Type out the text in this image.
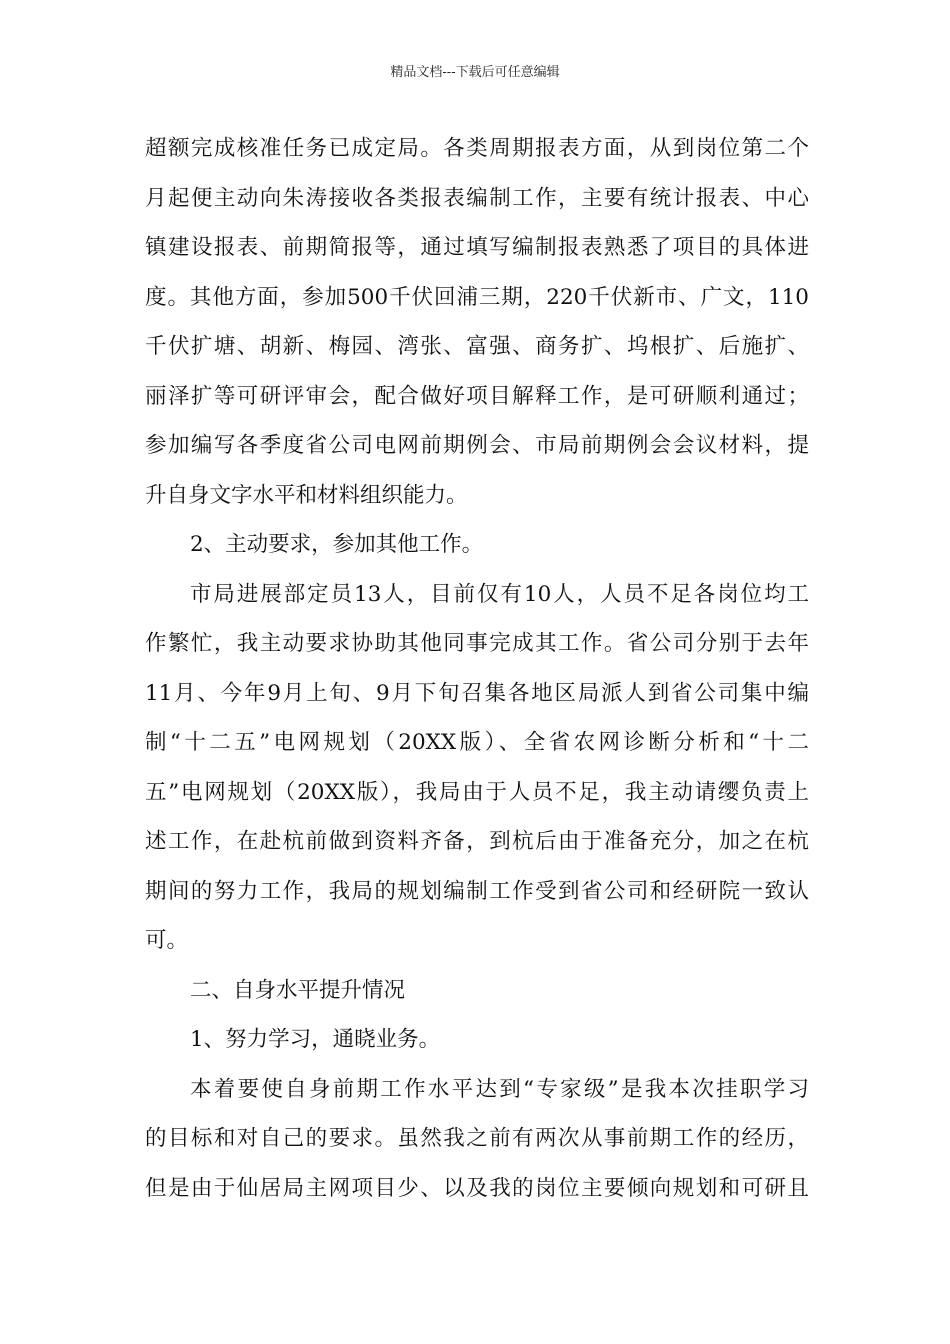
精品文档---下载后可任意编辑
超额完成核准任务已成定局。各类周期报表方面，从到岗位第二个
月起便主动向朱涛接收各类报表编制工作，主要有统计报表、中心
镇建设报表、前期简报等，通过填写编制报表熟悉了项目的具体进
度。其他方面，参加500千伏回浦三期，220千伏新市、广文，110
千伏扩塘、胡新、梅园、湾张、富强、商务扩、坞根扩、后施扩、
丽泽扩等可研评审会，配合做好项目解释工作，是可研顺利通过；
参加编写各季度省公司电网前期例会、市局前期例会会议材料，提
升自身文字水平和材料组织能力。
2、主动要求，参加其他工作。
市局进展部定员13人，目前仅有10人，人员不足各岗位均工
作繁忙，我主动要求协助其他同事完成其工作。省公司分别于去年
11月、今年9月上旬、9月下旬召集各地区局派人到省公司集中编
制“十二五”电网规划（20XX版）、全省农网诊断分析和“十二
五”电网规划（20XX版），我局由于人员不足，我主动请缨负责上
述工作，在赴杭前做到资料齐备，到杭后由于准备充分，加之在杭
期间的努力工作，我局的规划编制工作受到省公司和经研院一致认
可。
二、自身水平提升情况
1、努力学习，通晓业务。
本着要使自身前期工作水平达到“专家级”是我本次挂职学习
的目标和对自己的要求。虽然我之前有两次从事前期工作的经历，
但是由于仙居局主网项目少、以及我的岗位主要倾向规划和可研且
